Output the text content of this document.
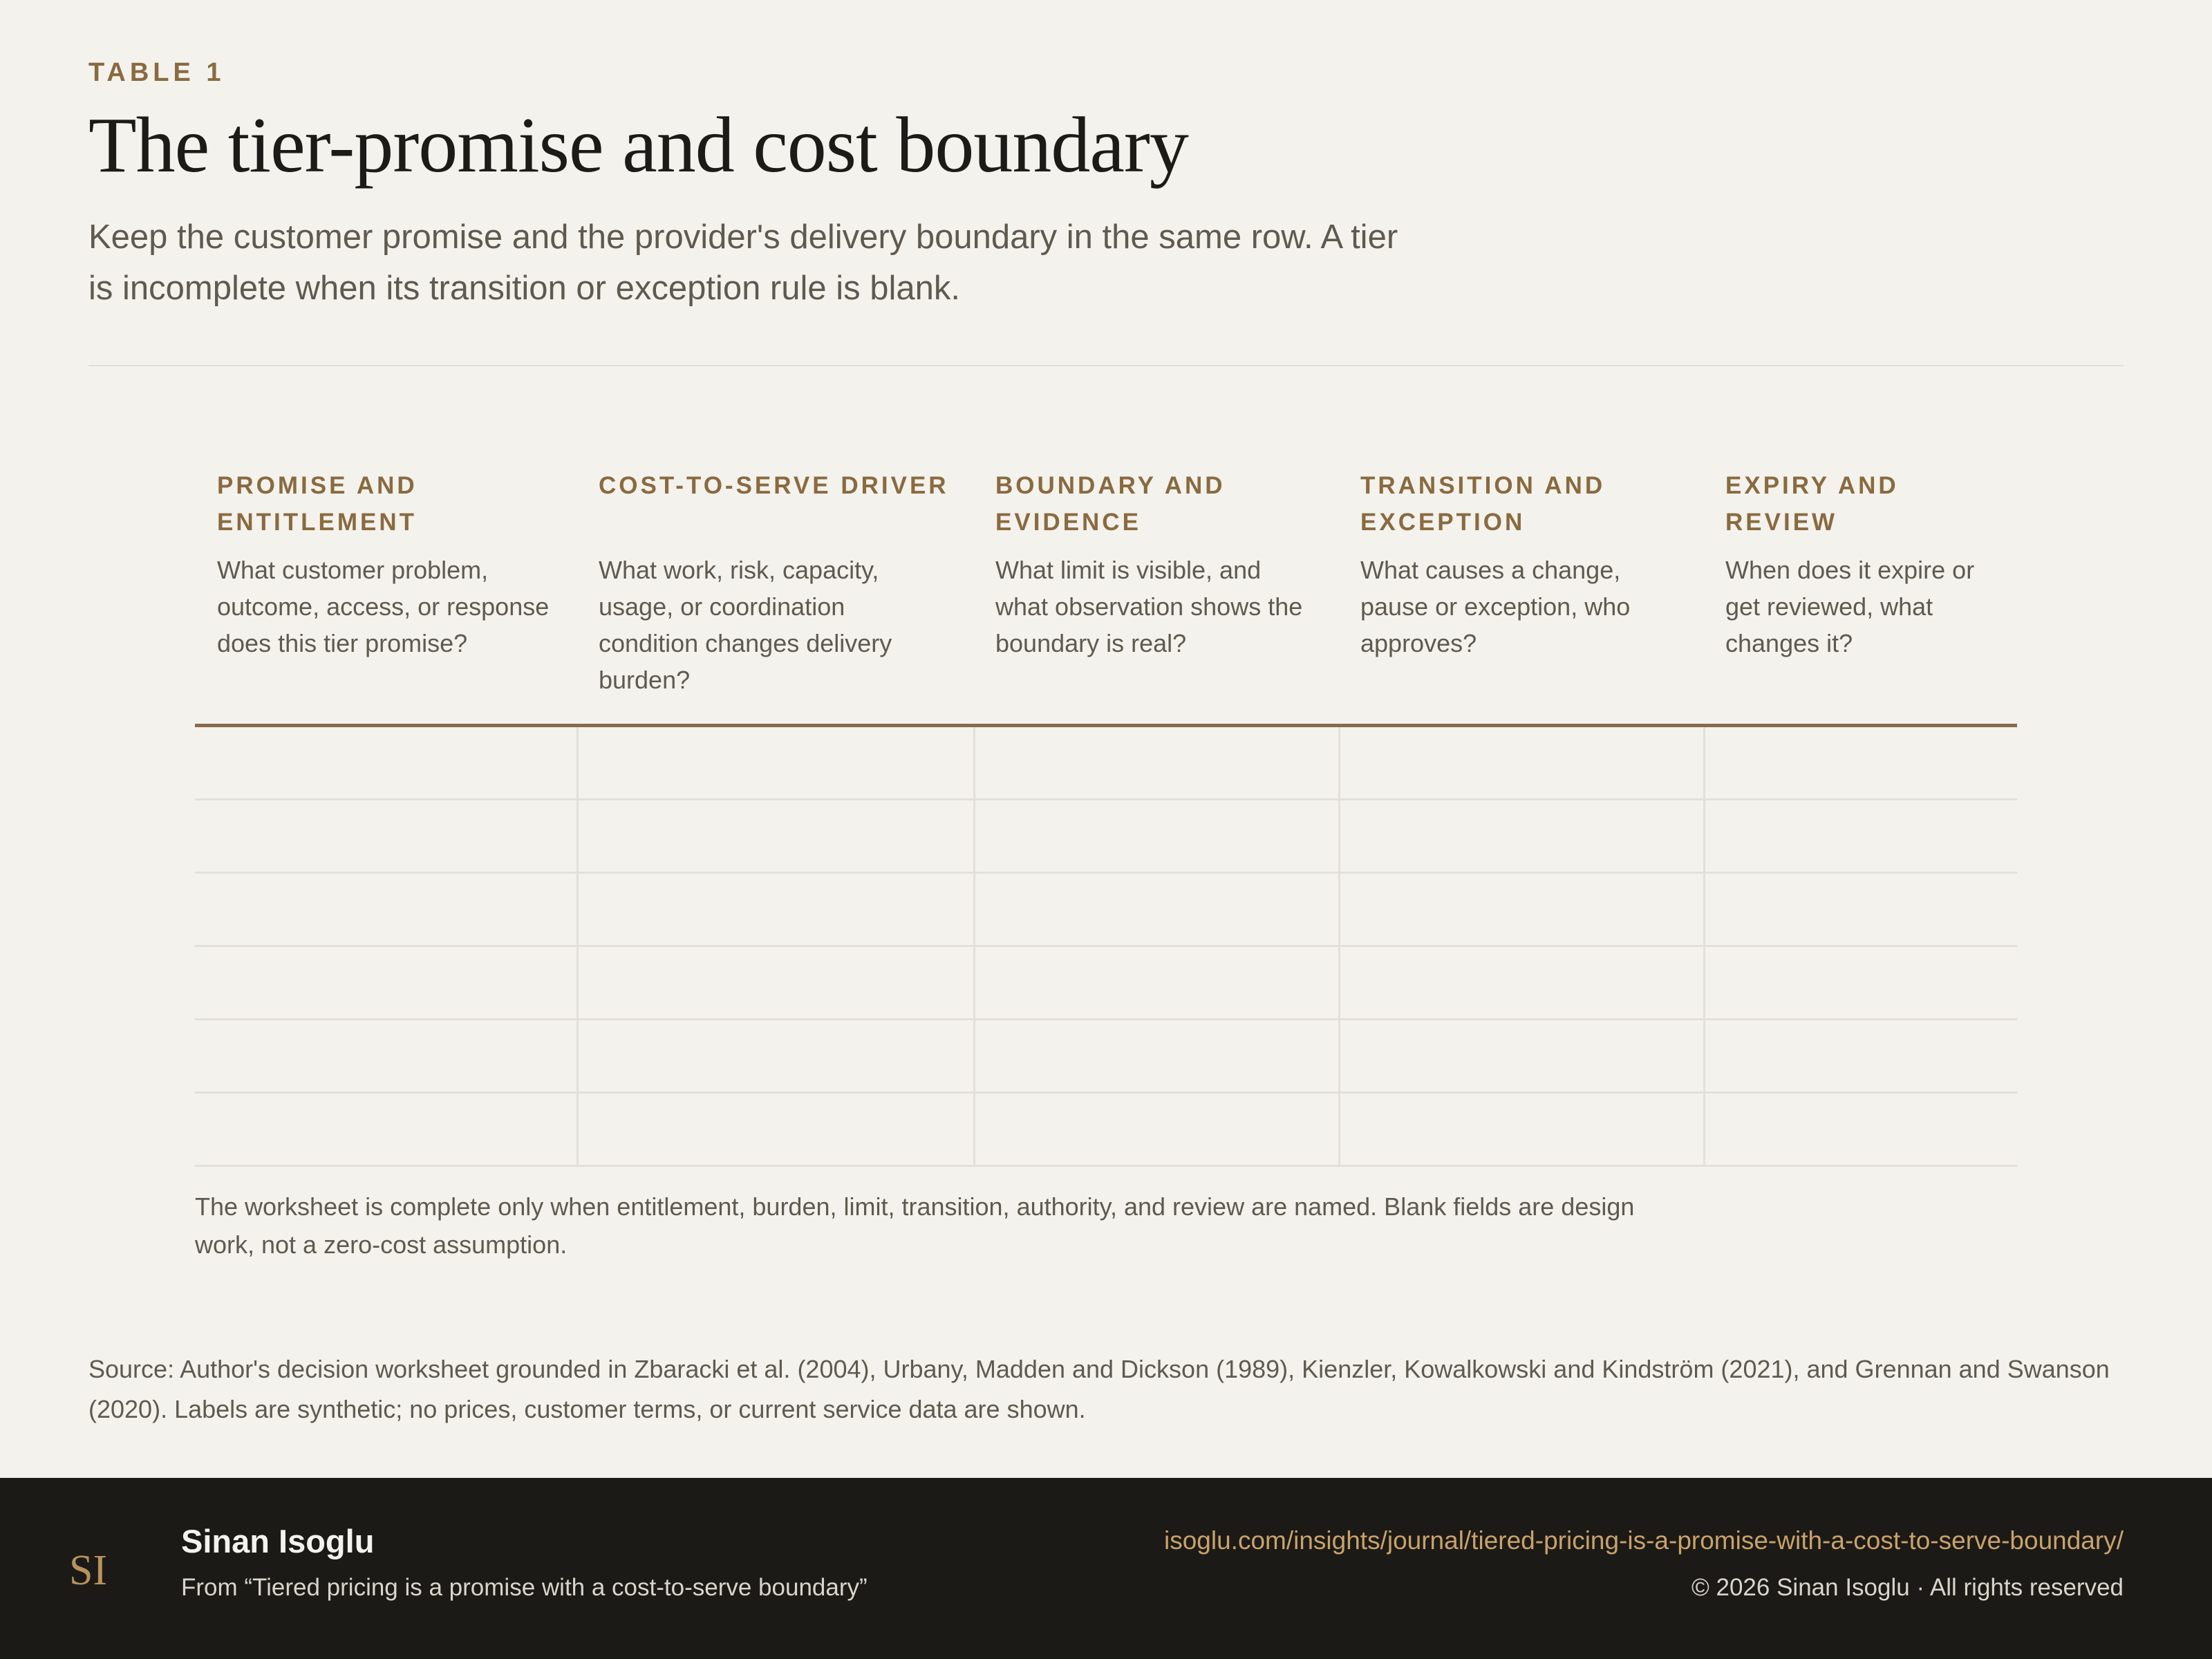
TABLE 1

The tier-promise and cost boundary

Keep the customer promise and the provider's delivery boundary in the same row. A tier is incomplete when its transition or exception rule is blank.

PROMISE AND ENTITLEMENT
What customer problem, outcome, access, or response does this tier promise?
COST-TO-SERVE DRIVER
What work, risk, capacity, usage, or coordination condition changes delivery burden?
BOUNDARY AND EVIDENCE
What limit is visible, and what observation shows the boundary is real?
TRANSITION AND EXCEPTION
What causes a change, pause or exception, who approves?
EXPIRY AND REVIEW
When does it expire or get reviewed, what changes it?

The worksheet is complete only when entitlement, burden, limit, transition, authority, and review are named. Blank fields are design work, not a zero-cost assumption.

Source: Author's decision worksheet grounded in Zbaracki et al. (2004), Urbany, Madden and Dickson (1989), Kienzler, Kowalkowski and Kindström (2021), and Grennan and Swanson (2020). Labels are synthetic; no prices, customer terms, or current service data are shown.

SI

Sinan Isoglu

From “Tiered pricing is a promise with a cost-to-serve boundary”

isoglu.com/insights/journal/tiered-pricing-is-a-promise-with-a-cost-to-serve-boundary/

© 2026 Sinan Isoglu · All rights reserved
